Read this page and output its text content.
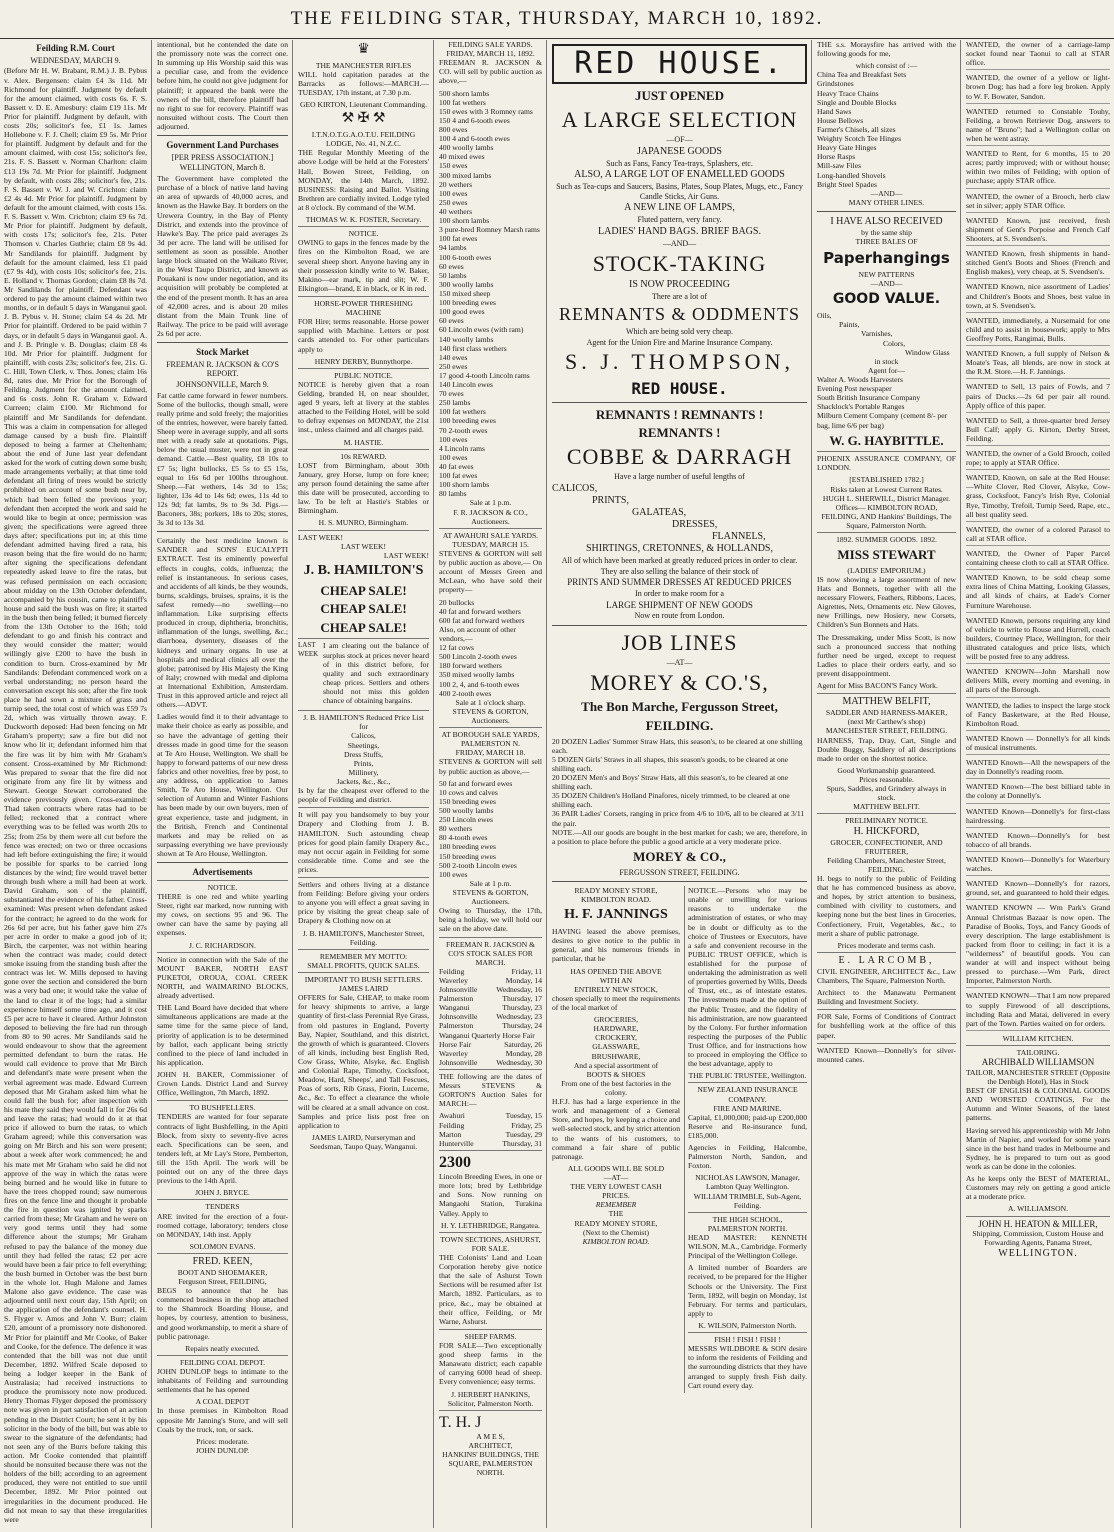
THE FEILDING STAR, THURSDAY, MARCH 10, 1892.
Feilding R.M. Court
WEDNESDAY, MARCH 9.

(Before Mr H. W. Brabant, R.M.) J. B. Pybus v. Alex. Bergensen: claim £4 3s 11d. Mr Richmond for plaintiff. Judgment by default for the amount claimed, with costs 6s. F. S. Bassett v. D. E. Amesbury: claim £19 11s. Mr Prior for plaintiff. Judgment by default, with costs 20s; solicitor's fee, £1 1s. James Hollebone v. F. J. Chell; claim £9 5s. Mr Prior for plaintiff. Judgment by default and for the amount claimed, with cost 15s; solicitor's fee, 21s. F. S. Bassett v. Norman Charlton: claim £13 19s 7d. Mr Prior for plaintiff. Judgment by default, with costs 28s; solicitor's fee, 21s. F. S. Bassett v. W. J. and W. Crichton: claim £2 4s 4d. Mr Prior for plaintiff. Judgment by default for the amount claimed, with costs 15s. F. S. Bassett v. Wm. Crichton; claim £9 6s 7d. Mr Prior for plaintiff. Judgment by default, with costs 17s; solicitor's fee, 21s. Peter Thomson v. Charles Guthrie; claim £8 9s 4d. Mr Sandilands for plaintiff. Judgment by default for the amount claimed, less £1 paid (£7 9s 4d), with costs 10s; solicitor's fee, 21s. E. Holland v. Thomas Gordon; claim £8 8s 7d. Mr Sandilands for plaintiff. Defendant was ordered to pay the amount claimed within two months, or in default 5 days in Wanganui gaol. J. B. Pybus v. H. Stone; claim £4 4s 2d. Mr Prior for plaintiff. Ordered to be paid within 7 days, or in default 5 days in Wanganui gaol. A. and J. B. Pringle v. B. Douglas; claim £8 4s 10d. Mr Prior for plaintiff. Judgment for plaintiff, with costs 23s; solicitor's fee, 21s. G. C. Hill, Town Clerk, v. Thos. Jones; claim 16s 8d, rates due. Mr Prior for the Borough of Feilding. Judgment for the amount claimed, and 6s costs. John R. Graham v. Edward Curreen; claim £100. Mr Richmond for plaintiff and Mr Sandilands for defendant. This was a claim in compensation for alleged damage caused by a bush fire. Plaintiff deposed to being a farmer at Cheltenham; about the end of June last year defendant asked for the work of cutting down some bush; made arrangements verbally; at that time told defendant all firing of trees would be strictly prohibited on account of some bush near by, which had been felled the previous year; defendant then accepted the work and said he would like to begin at once; permission was given; the specifications were agreed three days after; specifications put in; at this time defendant admitted having fired a rata, his reason being that the fire would do no harm; after signing the specifications defendant repeatedly asked leave to fire the ratas, but was refused permission on each occasion; about midday on the 13th October defendant, accompanied by his cousin, came to plaintiff's house and said the bush was on fire; it started in the bush then being felled; it burned fiercely from the 13th October to the 16th; told defendant to go and finish his contract and they would consider the matter; would willingly give £200 to have the bush in condition to burn. Cross-examined by Mr Sandilands: Defendant commenced work on a verbal understanding; no person heard the conversation except his son; after the fire took place he had sown a mixture of grass and turnip seed, the total cost of which was £59 7s 2d, which was virtually thrown away. F. Duckworth deposed: Had been fencing on Mr Graham's property; saw a fire but did not know who lit it; defendant informed him that the fire was lit by him with Mr Graham's consent. Cross-examined by Mr Richmond: Was prepared to swear that the fire did not originate from any fire lit by witness and Stewart. George Stewart corroborated the evidence previously given. Cross-examined: Thad taken contracts where ratas had to be felled; reckoned that a contract where everything was to be felled was worth 20s to 25s; from 25s by them were all cut before the fence was erected; on two or three occasions had left before extinguishing the fire; it would be possible for sparks to be carried long distances by the wind; fire would travel better through bush where a mill had been at work. David Graham, son of the plaintiff, substantiated the evidence of his father. Cross-examined: Was present when defendant asked for the contract; he agreed to do the work for 26s 6d per acre, but his father gave him 27s per acre in order to make a good job of it; Birch, the carpenter, was not within hearing when the contract was made; could detect smoke issuing from the standing bush after the contract was let. W. Mills deposed to having gone over the section and considered the burn was a very bad one; it would take the value of the land to clear it of the logs; had a similar experience himself some time ago, and it cost £5 per acre to have it cleared. Arthur Johnston deposed to believing the fire had run through from 80 to 90 acres. Mr Sandilands said he would endeavour to show that the agreement permitted defendant to burn the ratas. He would call evidence to prove that Mr Birch and defendant's mate were present when the verbal agreement was made. Edward Curreen deposed that Mr Graham asked him what he could fall the bush for; after inspection with his mate they said they would fall it for 26s 6d and leave the ratas; had would do it at that price if allowed to burn the ratas, to which Graham agreed; while this conversation was going on Mr Birch and his son were present; about a week after work commenced; he and his mate met Mr Graham who said he did not approve of the way in which the ratas were being burned and he would like in future to have the trees chopped round; saw numerous fires on the fence line and thought it probable the fire in question was ignited by sparks carried from these; Mr Graham and he were on very good terms until they had some difference about the stumps; Mr Graham refused to pay the balance of the money due until they had felled the ratas; £2 per acre would have been a fair price to fell everything; the bush burned in October was the best burn in the whole lot. Hugh Malone and James Malone also gave evidence. The case was adjourned until next court day, 15th April; on the application of the defendant's counsel. H. S. Flyger v. Amos and John V. Burr; claim £20, amount of a promissory note dishonored. Mr Prior for plaintiff and Mr Cooke, of Baker and Cooke, for the defence. The defence it was contended that the bill was not due until December, 1892. Wilfred Scale deposed to being a lodger keeper in the Bank of Australasia; had received instructions to produce the promissory note now produced. Henry Thomas Flyger deposed the promissory note was given in part satisfaction of an action pending in the District Court; he sent it by his solicitor in the body of the bill, but was able to swear to the signature of the defendants; had not seen any of the Burrs before taking this action. Mr Cooke contended that plaintiff should be nonsuited because there was not the holders of the bill; according to an agreement produced, they were not entitled to sue until December, 1892. Mr Prior pointed out irregularities in the document produced. He did not mean to say that these irregularities were

intentional, but he contended the date on the promissory note was the correct one. In summing up His Worship said this was a peculiar case, and from the evidence before him, he could not give judgment for plaintiff; it appeared the bank were the owners of the bill, therefore plaintiff had no right to sue for recovery. Plaintiff was nonsuited without costs. The Court then adjourned.

Government Land Purchases
[PER PRESS ASSOCIATION.]
WELLINGTON, March 8.

The Government have completed the purchase of a block of native land having an area of upwards of 40,000 acres, and known as the Hawke Bay. It borders on the Urewera Country, in the Bay of Plenty District, and extends into the province of Hawke's Bay. The price paid averages 2s 3d per acre. The land will be utilised for settlement as soon as possible. Another large block situated on the Waikato River, in the West Taupo District, and known as Pouakani is now under negotiation, and its acquisition will probably be completed at the end of the present month. It has an area of 42,000 acres, and is about 20 miles distant from the Main Trunk line of Railway. The price to be paid will average 2s 6d per acre.

Stock Market
FREEMAN R. JACKSON & CO'S REPORT.
JOHNSONVILLE, March 9.

Fat cattle came forward in fewer numbers. Some of the bullocks, though small, were really prime and sold freely; the majorities of the entries, however, were barely fatted. Sheep were in average supply, and all sorts met with a ready sale at quotations. Pigs, below the usual muster, were not in great demand. Cattle.—Best quality, £8 10s to £7 5s; light bullocks, £5 5s to £5 15s, equal to 16s 6d per 100lbs throughout. Sheep.—Fat wethers, 14s 3d to 15s; lighter, 13s 4d to 14s 6d; ewes, 11s 4d to 12s 9d; fat lambs, 9s to 9s 3d. Pigs.—Baconers, 38s; porkers, 18s to 20s; stores, 3s 3d to 13s 3d.

Certainly the best medicine known is SANDER and SONS' EUCALYPTI EXTRACT. Test its eminently powerful effects in coughs, colds, influenza; the relief is instantaneous. In serious cases, and accidents of all kinds, be they wounds, burns, scaldings, bruises, sprains, it is the safest remedy—no swelling—no inflammation. Like surprising effects produced in croup, diphtheria, bronchitis, inflammation of the lungs, swelling, &c.; diarrhoea, dysentery, diseases of the kidneys and urinary organs. In use at hospitals and medical clinics all over the globe; patronised by His Majesty the King of Italy; crowned with medal and diploma at International Exhibition, Amsterdam. Trust in this approved article and reject all others.—ADVT.

Ladies would find it to their advantage to make their choice as early as possible, and so have the advantage of getting their dresses made in good time for the season at Te Aro House, Wellington. We shall be happy to forward patterns of our new dress fabrics and other novelties, free by post, to any address, on application to James Smith, Te Aro House, Wellington. Our selection of Autumn and Winter Fashions has been made by our own buyers, men of great experience, taste and judgment, in the British, French and Continental markets and may be relied on as surpassing everything we have previously shown at Te Aro House, Wellington.

Advertisements
NOTICE.

THERE is one red and white yearling Steer, right ear marked, now running with my cows, on sections 95 and 96. The owner can have the same by paying all expenses.

J. C. RICHARDSON.

Notice in connection with the Sale of the MOUNT BAKER, NORTH EAST PUKETOI, OROUA, COAL CREEK NORTH, and WAIMARINO BLOCKS, already advertised.

THE Land Board have decided that where simultaneous applications are made at the same time for the same piece of land, priority of application is to be determined by ballot, each applicant being strictly confined to the piece of land included in his application.

JOHN H. BAKER, Commissioner of Crown Lands. District Land and Survey Office, Wellington, 7th March, 1892.

TO BUSHFELLERS.

TENDERS are wanted for four separate contracts of light Bushfelling, in the Apiti Block, from sixty to seventy-five acres each. Specifications can be seen, and tenders left, at Mr Lay's Store, Pemberton, till the 15th April. The work will be pointed out on any of the three days previous to the 14th April.

JOHN J. BRYCE.
TENDERS

ARE invited for the erection of a four-roomed cottage, laboratory; tenders close on MONDAY, 14th inst. Apply

SOLOMON EVANS.
FRED. KEEN,
BOOT AND SHOEMAKER,
Ferguson Street, FEILDING,

BEGS to announce that he has commenced business in the shop attached to the Shamrock Boarding House, and hopes, by courtesy, attention to business, and good workmanship, to merit a share of public patronage.

Repairs neatly executed.
FEILDING COAL DEPOT.

JOHN DUNLOP begs to intimate to the inhabitants of Feilding and surrounding settlements that he has opened

A COAL DEPOT

In those premises in Kimbolton Road opposite Mr Janning's Store, and will sell Coals by the truck, ton, or sack.

Prices: moderate.
JOHN DUNLOP.
♛
THE MANCHESTER RIFLES

WILL hold capitation parades at the Barracks as follows:—MARCH.—TUESDAY, 17th instant, at 7.30 p.m.

GEO KIRTON, Lieutenant Commanding.
⚒ ✠ ⚒
I.T.N.O.T.G.A.O.T.U. FEILDING LODGE, No. 41, N.Z.C.

THE Regular Monthly Meeting of the above Lodge will be held at the Foresters' Hall, Bowen Street, Feilding, on MONDAY, the 14th March, 1892. BUSINESS: Raising and Ballot. Visiting Brethren are cordially invited. Lodge tyled at 8 o'clock. By command of the W.M.

THOMAS W. K. FOSTER, Secretary.
NOTICE.

OWING to gaps in the fences made by the fires on the Kimbolton Road, we are several sheep short. Anyone having any in their possession kindly write to W. Baker, Makino—ear mark, tip and slit; W. F. Elkington—brand, E in black, or K in red.

HORSE-POWER THRESHING MACHINE

FOR Hire; terms reasonable. Horse power supplied with Machine. Letters or post cards attended to. For other particulars apply to

HENRY DERBY, Bunnythorpe.
PUBLIC NOTICE.

NOTICE is hereby given that a roan Gelding, branded H, on near shoulder, aged 9 years, left at livery at the stables attached to the Feilding Hotel, will be sold to defray expenses on MONDAY, the 21st inst., unless claimed and all charges paid.

M. HASTIE.
10s REWARD.

LOST from Birmingham, about 30th January, grey Horse, lump on fore knee; any person found detaining the same after this date will be prosecuted, according to law. To be left at Hastie's Stables or Birmingham.

H. S. MUNRO, Birmingham.
LAST WEEK!
LAST WEEK!
LAST WEEK!
J. B. HAMILTON'S
CHEAP SALE!
CHEAP SALE!
CHEAP SALE!
LAST WEEK

I am clearing out the balance of surplus stock at prices never heard of in this district before, for quality and such extraordinary cheap prices. Settlers and others should not miss this golden chance of obtaining bargains.

J. B. HAMILTON'S Reduced Price List for
Calicos,
Sheetings,
Dress Stuffs,
Prints,
Millinery,
Jackets, &c., &c.,

Is by far the cheapest ever offered to the people of Feilding and district.

It will pay you handsomely to buy your Drapery and Clothing from J. B. HAMILTON. Such astounding cheap prices for good plain family Drapery &c., may not occur again in Feilding for some considerable time. Come and see the prices.

Settlers and others living at a distance from Feilding: Before giving your orders to anyone you will effect a great saving in price by visiting the great cheap sale of Drapery & Clothing now on at

J. B. HAMILTON'S, Manchester Street, Feilding.
REMEMBER MY MOTTO:
SMALL PROFITS, QUICK SALES.
IMPORTANT TO BUSH SETTLERS.
JAMES LAIRD

OFFERS for Sale, CHEAP, to make room for heavy shipments to arrive, a large quantity of first-class Perennial Rye Grass, from old pastures in England, Poverty Bay, Napier, Southland, and this district, the growth of which is guaranteed. Clovers of all kinds, including best English Red, Cow Grass, White, Alsyke, &c. English and Colonial Rape, Timothy, Cocksfoot, Meadow, Hard, Sheeps', and Tall Fescues, Poas of sorts, Rib Grass, Fiorin, Lucerne, &c., &c. To effect a clearance the whole will be cleared at a small advance on cost. Samples and price lists post free on application to

JAMES LAIRD, Nurseryman and Seedsman, Taupo Quay, Wanganui.
FEILDING SALE YARDS.
FRIDAY, MARCH 11, 1892.

FREEMAN R. JACKSON & CO. will sell by public auction as above,—

500 shorn lambs
100 fat wethers
150 ewes with 3 Romney rams
150 4 and 6-tooth ewes
800 ewes
100 4 and 6-tooth ewes
400 woolly lambs
40 mixed ewes
150 ewes
300 mixed lambs
20 wethers
100 ewes
250 ewes
40 wethers
100 shorn lambs
3 pure-bred Romney Marsh rams
100 fat ewes
94 lambs
100 6-tooth ewes
60 ewes
50 lambs
300 woolly lambs
150 mixed sheep
100 breeding ewes
100 good ewes
60 ewes
60 Lincoln ewes (with ram)
140 woolly lambs
140 first class wethers
140 ewes
250 ewes
17 good 4-tooth Lincoln rams
140 Lincoln ewes
70 ewes
250 lambs
100 fat wethers
100 breeding ewes
70 2-tooth ewes
100 ewes
4 Lincoln rams
100 ewes
40 fat ewes
100 fat ewes
100 shorn lambs
80 lambs
Sale at 1 p.m.
F. R. JACKSON & CO., Auctioneers.
AT AWAHURI SALE YARDS.
TUESDAY, MARCH 15.

STEVENS & GORTON will sell by public auction as above,— On account of Messrs Green and McLean, who have sold their property—

20 bullocks
40 fat and forward wethers
600 fat and forward wethers
Also, on account of other vendors,—
12 fat cows
500 Lincoln 2-tooth ewes
180 forward wethers
350 mixed woolly lambs
100 2, 4, and 6-tooth ewes
400 2-tooth ewes
Sale at 1 o'clock sharp.
STEVENS & GORTON, Auctioneers.
AT BOROUGH SALE YARDS, PALMERSTON N.
FRIDAY, MARCH 18.

STEVENS & GORTON will sell by public auction as above,—

50 fat and forward ewes
10 cows and calves
150 breeding ewes
500 woolly lambs
250 Lincoln ewes
80 wethers
80 4-tooth ewes
180 breeding ewes
150 breeding ewes
500 2-tooth Lincoln ewes
100 ewes
Sale at 1 p.m.
STEVENS & GORTON, Auctioneers.

Owing to Thursday, the 17th, being a holiday, we will hold our sale on the above date.

FREEMAN R. JACKSON & CO'S STOCK SALES FOR MARCH.
Feilding	Friday, 11
Waverley	Monday, 14
Johnsonville Wednesday, 16
Palmerston	Thursday, 17
Wanganui	Thursday, 23
Johnsonville Wednesday, 23
Palmerston	Thursday, 24
Wanganui Quarterly Horse Fair
Horse Fair	Saturday, 26
Waverley	Monday, 28
Johnsonville Wednesday, 30

THE following are the dates of Messrs STEVENS & GORTON'S Auction Sales for MARCH:—

Awahuri	Tuesday, 15
Feilding	Friday, 25
Marton	Tuesday, 29
Hunterville	Thursday, 31
2300

Lincoln Breeding Ewes, in one or more lots; bred by Lethbridge and Sons. Now running on Mangaohi Station, Turakina Valley. Apply to

H. Y. LETHBRIDGE, Rangatea.
TOWN SECTIONS, ASHURST, FOR SALE.

THE Colonists' Land and Loan Corporation hereby give notice that the sale of Ashurst Town Sections will be resumed after 1st March, 1892. Particulars, as to price, &c., may be obtained at their office, Feilding, or Mr Warne, Ashurst.

SHEEP FARMS.

FOR SALE—Two exceptionally good sheep farms in the Manawatu district; each capable of carrying 6000 head of sheep. Every convenience; easy terms.

J. HERBERT HANKINS, Solicitor, Palmerston North.
T. H. J
A M E S,
ARCHITECT,
HANKINS' BUILDINGS, THE SQUARE, PALMERSTON NORTH.
RED HOUSE.
JUST OPENED
A LARGE SELECTION
—OF—
JAPANESE GOODS
Such as Fans, Fancy Tea-trays, Splashers, etc.
ALSO, A LARGE LOT OF ENAMELLED GOODS
Such as Tea-cups and Saucers, Basins, Plates, Soup Plates, Mugs, etc., Fancy Candle Sticks, Air Guns.
A NEW LINE OF LAMPS,
Fluted pattern, very fancy.
LADIES' HAND BAGS. BRIEF BAGS.
—AND—
STOCK-TAKING
IS NOW PROCEEDING
There are a lot of
REMNANTS & ODDMENTS
Which are being sold very cheap.
Agent for the Union Fire and Marine Insurance Company.
S. J. THOMPSON,
RED HOUSE.
REMNANTS ! REMNANTS !
REMNANTS !
COBBE & DARRAGH
Have a large number of useful lengths of
CALICOS,
PRINTS,
GALATEAS,
DRESSES,
FLANNELS,
SHIRTINGS, CRETONNES, & HOLLANDS,
All of which have been marked at greatly reduced prices in order to clear.
They are also selling the balance of their stock of
PRINTS AND SUMMER DRESSES AT REDUCED PRICES
In order to make room for a
LARGE SHIPMENT OF NEW GOODS
Now en route from London.
JOB LINES
—AT—
MOREY & CO.'S,
The Bon Marche, Fergusson Street,
FEILDING.
20 DOZEN Ladies' Summer Straw Hats, this season's, to be cleared at one shilling each.
5 DOZEN Girls' Straws in all shapes, this season's goods, to be cleared at one shilling each.
20 DOZEN Men's and Boys' Straw Hats, all this season's, to be cleared at one shilling each.
35 DOZEN Children's Holland Pinafores, nicely trimmed, to be cleared at one shilling each.
36 PAIR Ladies' Corsets, ranging in price from 4/6 to 10/6, all to be cleared at 3/11 the pair.

NOTE.—All our goods are bought in the best market for cash; we are, therefore, in a position to place before the public a good article at a very moderate price.

MOREY & CO.,
FERGUSSON STREET, FEILDING.
READY MONEY STORE,
KIMBOLTON ROAD.
H. F. JANNINGS

HAVING leased the above premises, desires to give notice to the public in general, and his numerous friends in particular, that he

HAS OPENED THE ABOVE
WITH AN
ENTIRELY NEW STOCK,

chosen specially to meet the requirements of the local market of

GROCERIES,
HARDWARE,
CROCKERY,
GLASSWARE,
BRUSHWARE,
And a special assortment of
BOOTS & SHOES
From one of the best factories in the colony.

H.F.J. has had a large experience in the work and management of a General Store, and hopes, by keeping a choice and well-selected stock, and by strict attention to the wants of his customers, to command a fair share of public patronage.

ALL GOODS WILL BE SOLD
—AT—
THE VERY LOWEST CASH
PRICES.
REMEMBER
THE
READY MONEY STORE,
(Next to the Chemist)
KIMBOLTON ROAD.

NOTICE.—Persons who may be unable or unwilling for various reasons to undertake the administration of estates, or who may be in doubt or difficulty as to the choice of Trustees or Executors, have a safe and convenient recourse in the PUBLIC TRUST OFFICE, which is established for the purpose of undertaking the administration as well of properties governed by Wills, Deeds of Trust, etc., as of intestate estates. The investments made at the option of the Public Trustee, and the fidelity of his administration, are now guaranteed by the Colony. For further information respecting the purposes of the Public Trust Office, and for instructions how to proceed in employing the Office to the best advantage, apply to

THE PUBLIC TRUSTEE, Wellington.
NEW ZEALAND INSURANCE COMPANY.
FIRE AND MARINE.

Capital, £1,000,000; paid-up £200,000 Reserve and Re-insurance fund, £185,000.

Agencies in Feilding, Halcombe, Palmerston North, Sandon, and Foxton.

NICHOLAS LAWSON, Manager, Lambton Quay Wellington.
WILLIAM TRIMBLE, Sub-Agent, Feilding.
THE HIGH SCHOOL, PALMERSTON NORTH.

HEAD MASTER: KENNETH WILSON, M.A., Cambridge. Formerly Principal of the Wellington College.

A limited number of Boarders are received, to be prepared for the Higher Schools or the University. The First Term, 1892, will begin on Monday, 1st February. For terms and particulars, apply to

K. WILSON, Palmerston North.
FISH ! FISH ! FISH !

MESSRS WILDBORE & SON desire to inform the residents of Feilding and the surrounding districts that they have arranged to supply fresh Fish daily. Cart round every day.

THE s.s. Moraysfire has arrived with the following goods for me,

which consist of :—
China Tea and Breakfast Sets
Grindstones
Heavy Trace Chains
Single and Double Blocks
Hand Saws
House Bellows
Farmer's Chisels, all sizes
Weighty Scotch Tee Hinges
Heavy Gate Hinges
Horse Rasps
Mill-saw Files
Long-handled Shovels
Bright Steel Spades
—AND—
MANY OTHER LINES.
I HAVE ALSO RECEIVED
by the same ship
THREE BALES OF
Paperhangings
NEW PATTERNS
—AND—
GOOD VALUE.
Oils,
Paints,
Varnishes,
Colors,
Window Glass
in stock
Agent for—
Walter A. Woods Harvesters
Evening Post newspaper
South British Insurance Company
Shacklock's Portable Ranges
Milburn Cement Company (cement 8/- per bag, lime 6/6 per bag)
W. G. HAYBITTLE.

PHOENIX ASSURANCE COMPANY, OF LONDON.

[ESTABLISHED 1782.]
Risks taken at Lowest Current Rates.
HUGH L. SHERWILL, District Manager.
Offices— KIMBOLTON ROAD, FEILDING, AND Hankins' Buildings, The Square, Palmerston North.
1892. SUMMER GOODS. 1892.
MISS STEWART
(LADIES' EMPORIUM.)

IS now showing a large assortment of new Hats and Bonnets, together with all the necessary Flowers, Feathers, Ribbons, Laces, Aigrettes, Nets, Ornaments etc. New Gloves, new Frillings, new Hosiery, new Corsets, Children's Sun Bonnets and Hats.

The Dressmaking, under Miss Scott, is now such a pronounced success that nothing further need be urged, except to request Ladies to place their orders early, and so prevent disappointment.

Agent for Miss BACON'S Fancy Work.

MATTHEW BELFIT,
SADDLER AND HARNESS-MAKER,
(next Mr Carthew's shop)
MANCHESTER STREET, FEILDING.

HARNESS, Trap, Dray, Cart, Single and Double Buggy, Saddlery of all descriptions made to order on the shortest notice.

Good Workmanship guaranteed.
Prices reasonable.
Spurs, Saddles, and Grindery always in stock.
MATTHEW BELFIT.
PRELIMINARY NOTICE.
H. HICKFORD,
GROCER, CONFECTIONER, AND FRUITERER,
Feilding Chambers, Manchester Street, FEILDING.

H. begs to notify to the public of Feilding that he has commenced business as above, and hopes, by strict attention to business, combined with civility to customers, and keeping none but the best lines in Groceries, Confectionery, Fruit, Vegetables, &c., to merit a share of public patronage.

Prices moderate and terms cash.
E. LARCOMB,

CIVIL ENGINEER, ARCHITECT &c., Law Chambers, The Square, Palmerston North.

Architect to the Manawatu Permanent Building and Investment Society.

FOR Sale, Forms of Conditions of Contract for bushfelling work at the office of this paper.

WANTED Known—Donnelly's for silver-mounted canes.

WANTED, the owner of a carriage-lamp socket found near Taonui to call at STAR office.

WANTED, the owner of a yellow or light-brown Dog; has had a fore leg broken. Apply to W. F. Bowater, Sandon.

WANTED returned to Constable Touhy, Feilding, a brown Retriever Dog, answers to name of "Bruno"; had a Wellington collar on when he went astray.

WANTED to Rent, for 6 months, 15 to 20 acres; partly improved; with or without house; within two miles of Feilding; with option of purchase; apply STAR office.

WANTED, the owner of a Brooch, herb claw set in silver; apply STAR Office.

WANTED Known, just received, fresh shipment of Gent's Porpoise and French Calf Shooters, at S. Svendsen's.

WANTED Known, fresh shipments in hand-stitched Gent's Boots and Shoes (French and English makes), very cheap, at S. Svendsen's.

WANTED Known, nice assortment of Ladies' and Children's Boots and Shoes, best value in town, at S. Svendsen's.

WANTED, immediately, a Nursemaid for one child and to assist in housework; apply to Mrs Geoffrey Potts, Rangimai, Bulls.

WANTED Known, a full supply of Nelson & Moate's Teas, all blends, are now in stock at the R.M. Store.—H. F. Jannings.

WANTED to Sell, 13 pairs of Fowls, and 7 pairs of Ducks.—2s 6d per pair all round. Apply office of this paper.

WANTED to Sell, a three-quarter bred Jersey Bull Calf; apply G. Kirton, Derby Street, Feilding.

WANTED, the owner of a Gold Brooch, coiled rope; to apply at STAR Office.

WANTED, Known, on sale at the Red House:—White Clover, Red Clover, Alsyke, Cow-grass, Cocksfoot, Fancy's Irish Rye, Colonial Rye, Timothy, Trefoil, Turnip Seed, Rape, etc., all best quality seed.

WANTED, the owner of a colored Parasol to call at STAR office.

WANTED, the Owner of Paper Parcel containing cheese cloth to call at STAR Office.

WANTED Known, to be sold cheap some extra lines of China Matting, Looking Glasses, and all kinds of chairs, at Eade's Corner Furniture Warehouse.

WANTED Known, persons requiring any kind of vehicle to write to Rouse and Hurrell, coach builders, Courtney Place, Wellington, for their illustrated catalogues and price lists, which will be posted free to any address.

WANTED KNOWN—John Marshall now delivers Milk, every morning and evening, in all parts of the Borough.

WANTED, the ladies to inspect the large stock of Fancy Basketware, at the Red House, Kimbolton Road.

WANTED Known — Donnelly's for all kinds of musical instruments.

WANTED Known—All the newspapers of the day in Donnelly's reading room.

WANTED Known—The best billiard table in the colony at Donnelly's.

WANTED Known—Donnelly's for first-class hairdressing.

WANTED Known—Donnelly's for best tobacco of all brands.

WANTED Known—Donnelly's for Waterbury watches.

WANTED Known—Donnelly's for razors, ground, set, and guaranteed to hold their edges.

WANTED KNOWN — Wm Park's Grand Annual Christmas Bazaar is now open. The Paradise of Books, Toys, and Fancy Goods of every description. The large establishment is packed from floor to ceiling; in fact it is a "wilderness" of beautiful goods. You can wander at will and inspect without being pressed to purchase.—Wm Park, direct Importer, Palmerston North.

WANTED KNOWN—That I am now prepared to supply Firewood of all descriptions, including Rata and Matai, delivered in every part of the Town. Parties waited on for orders.

WILLIAM KITCHEN.
TAILORING.
ARCHIBALD WILLIAMSON
TAILOR, MANCHESTER STREET (Opposite the Denbigh Hotel), Has in Stock

BEST OF ENGLISH & COLONIAL GOODS AND WORSTED COATINGS, For the Autumn and Winter Seasons, of the latest patterns.

Having served his apprenticeship with Mr John Martin of Napier, and worked for some years since in the best hand trades in Melbourne and Sydney, he is prepared to turn out as good work as can be done in the colonies.

As he keeps only the BEST of MATERIAL, Customers may rely on getting a good article at a moderate price.

A. WILLIAMSON.
JOHN H. HEATON & MILLER,
Shipping, Commission, Custom House and Forwarding Agents, Panama Street,
WELLINGTON.
